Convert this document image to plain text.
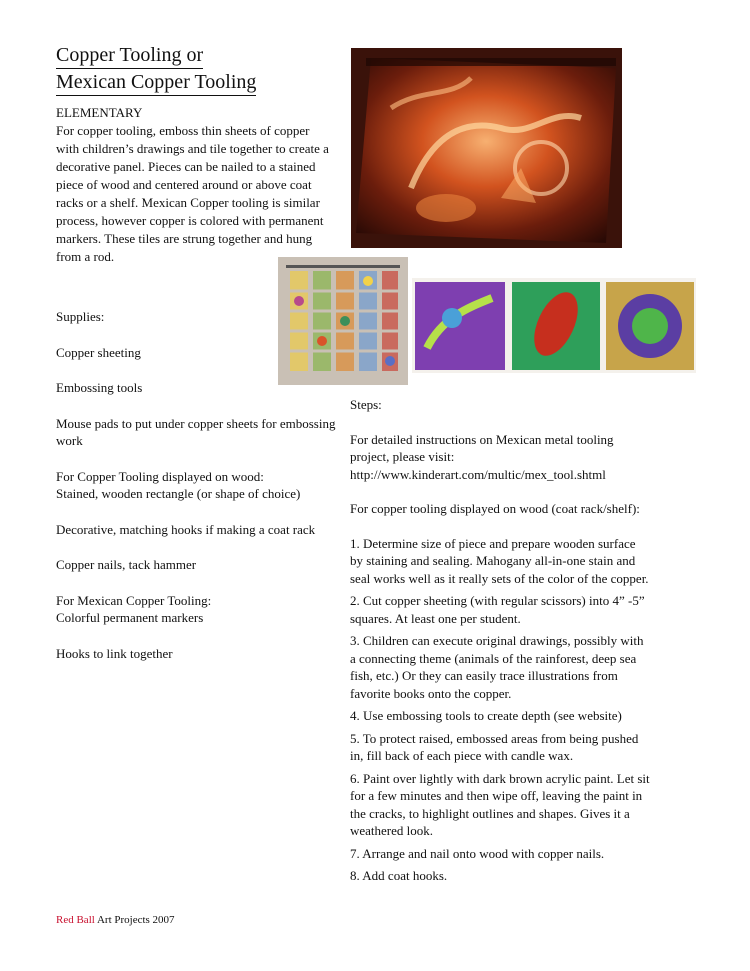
Copper Tooling or
Mexican Copper Tooling
ELEMENTARY
For copper tooling, emboss thin sheets of copper with children’s drawings and tile together to create a decorative panel. Pieces can be nailed to a stained piece of wood and centered around or above coat racks or a shelf. Mexican Copper tooling is similar process, however copper is colored with permanent markers. These tiles are strung together and hung from a rod.

Supplies:

Copper sheeting

Embossing tools

Mouse pads to put under copper sheets for embossing work

For Copper Tooling displayed on wood:

Stained, wooden rectangle (or shape of choice)

Decorative, matching hooks if making a coat rack

Copper nails, tack hammer

For Mexican Copper Tooling:

Colorful permanent markers

Hooks to link together

Steps:

For detailed instructions on Mexican metal tooling project, please visit:

http://www.kinderart.com/multic/mex_tool.shtml

For copper tooling displayed on wood (coat rack/shelf):

1. Determine size of piece and prepare wooden surface by staining and sealing. Mahogany all-in-one stain and seal works well as it really sets of the color of the copper.

2. Cut copper sheeting (with regular scissors) into 4” -5” squares. At least one per student.

3. Children can execute original drawings, possibly with a connecting theme (animals of the rainforest, deep sea fish, etc.) Or they can easily trace illustrations from favorite books onto the copper.

4. Use embossing tools to create depth (see website)

5. To protect raised, embossed areas from being pushed in, fill back of each piece with candle wax.

6. Paint over lightly with dark brown acrylic paint. Let sit for a few minutes and then wipe off, leaving the paint in the cracks, to highlight outlines and shapes. Gives it a weathered look.

7. Arrange and nail onto wood with copper nails.

8. Add coat hooks.

Red Ball Art Projects 2007
